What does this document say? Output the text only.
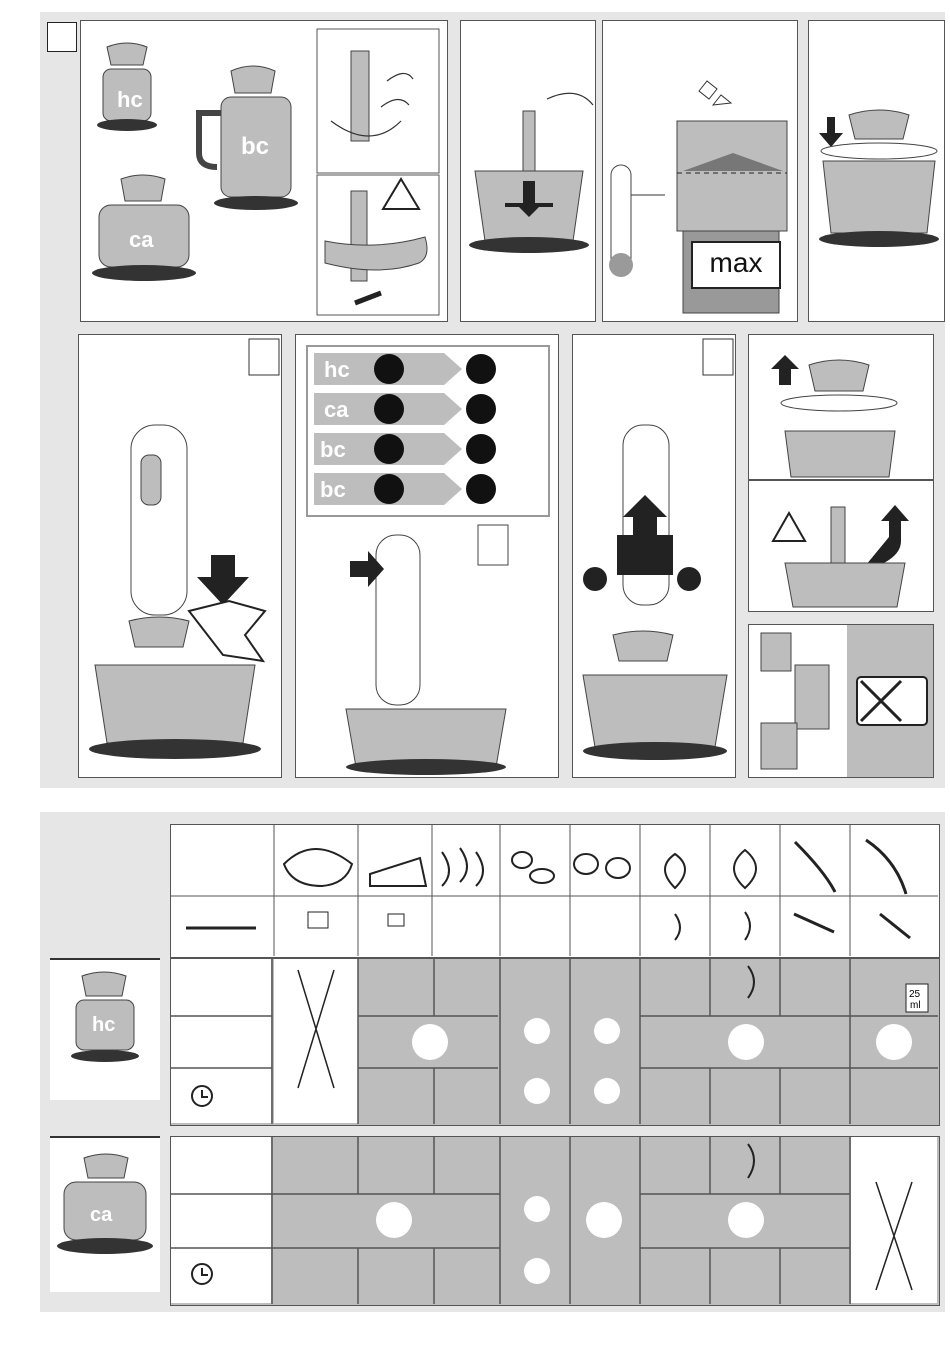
hc
bc
ca
max
hc
ca
bc
bc
hc
25
ml
ca
